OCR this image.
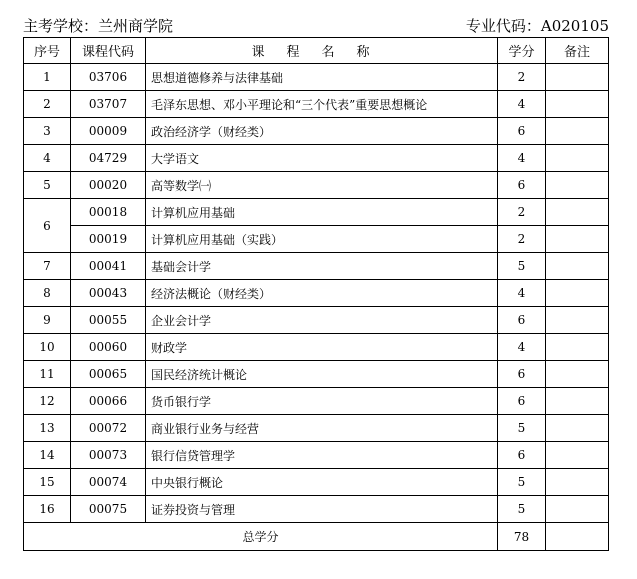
主考学校：兰州商学院	专业代码：A020105
序号	课程代码	课程名称	学分	备注
1	03706	思想道德修养与法律基础	2	
2	03707	毛泽东思想、邓小平理论和“三个代表”重要思想概论	4	
3	00009	政治经济学（财经类）	6	
4	04729	大学语文	4	
5	00020	高等数学㈠	6	
6	00018	计算机应用基础	2	
	00019	计算机应用基础（实践）	2	
7	00041	基础会计学	5	
8	00043	经济法概论（财经类）	4	
9	00055	企业会计学	6	
10	00060	财政学	4	
11	00065	国民经济统计概论	6	
12	00066	货币银行学	6	
13	00072	商业银行业务与经营	5	
14	00073	银行信贷管理学	6	
15	00074	中央银行概论	5	
16	00075	证券投资与管理	5	
总学分			78	
